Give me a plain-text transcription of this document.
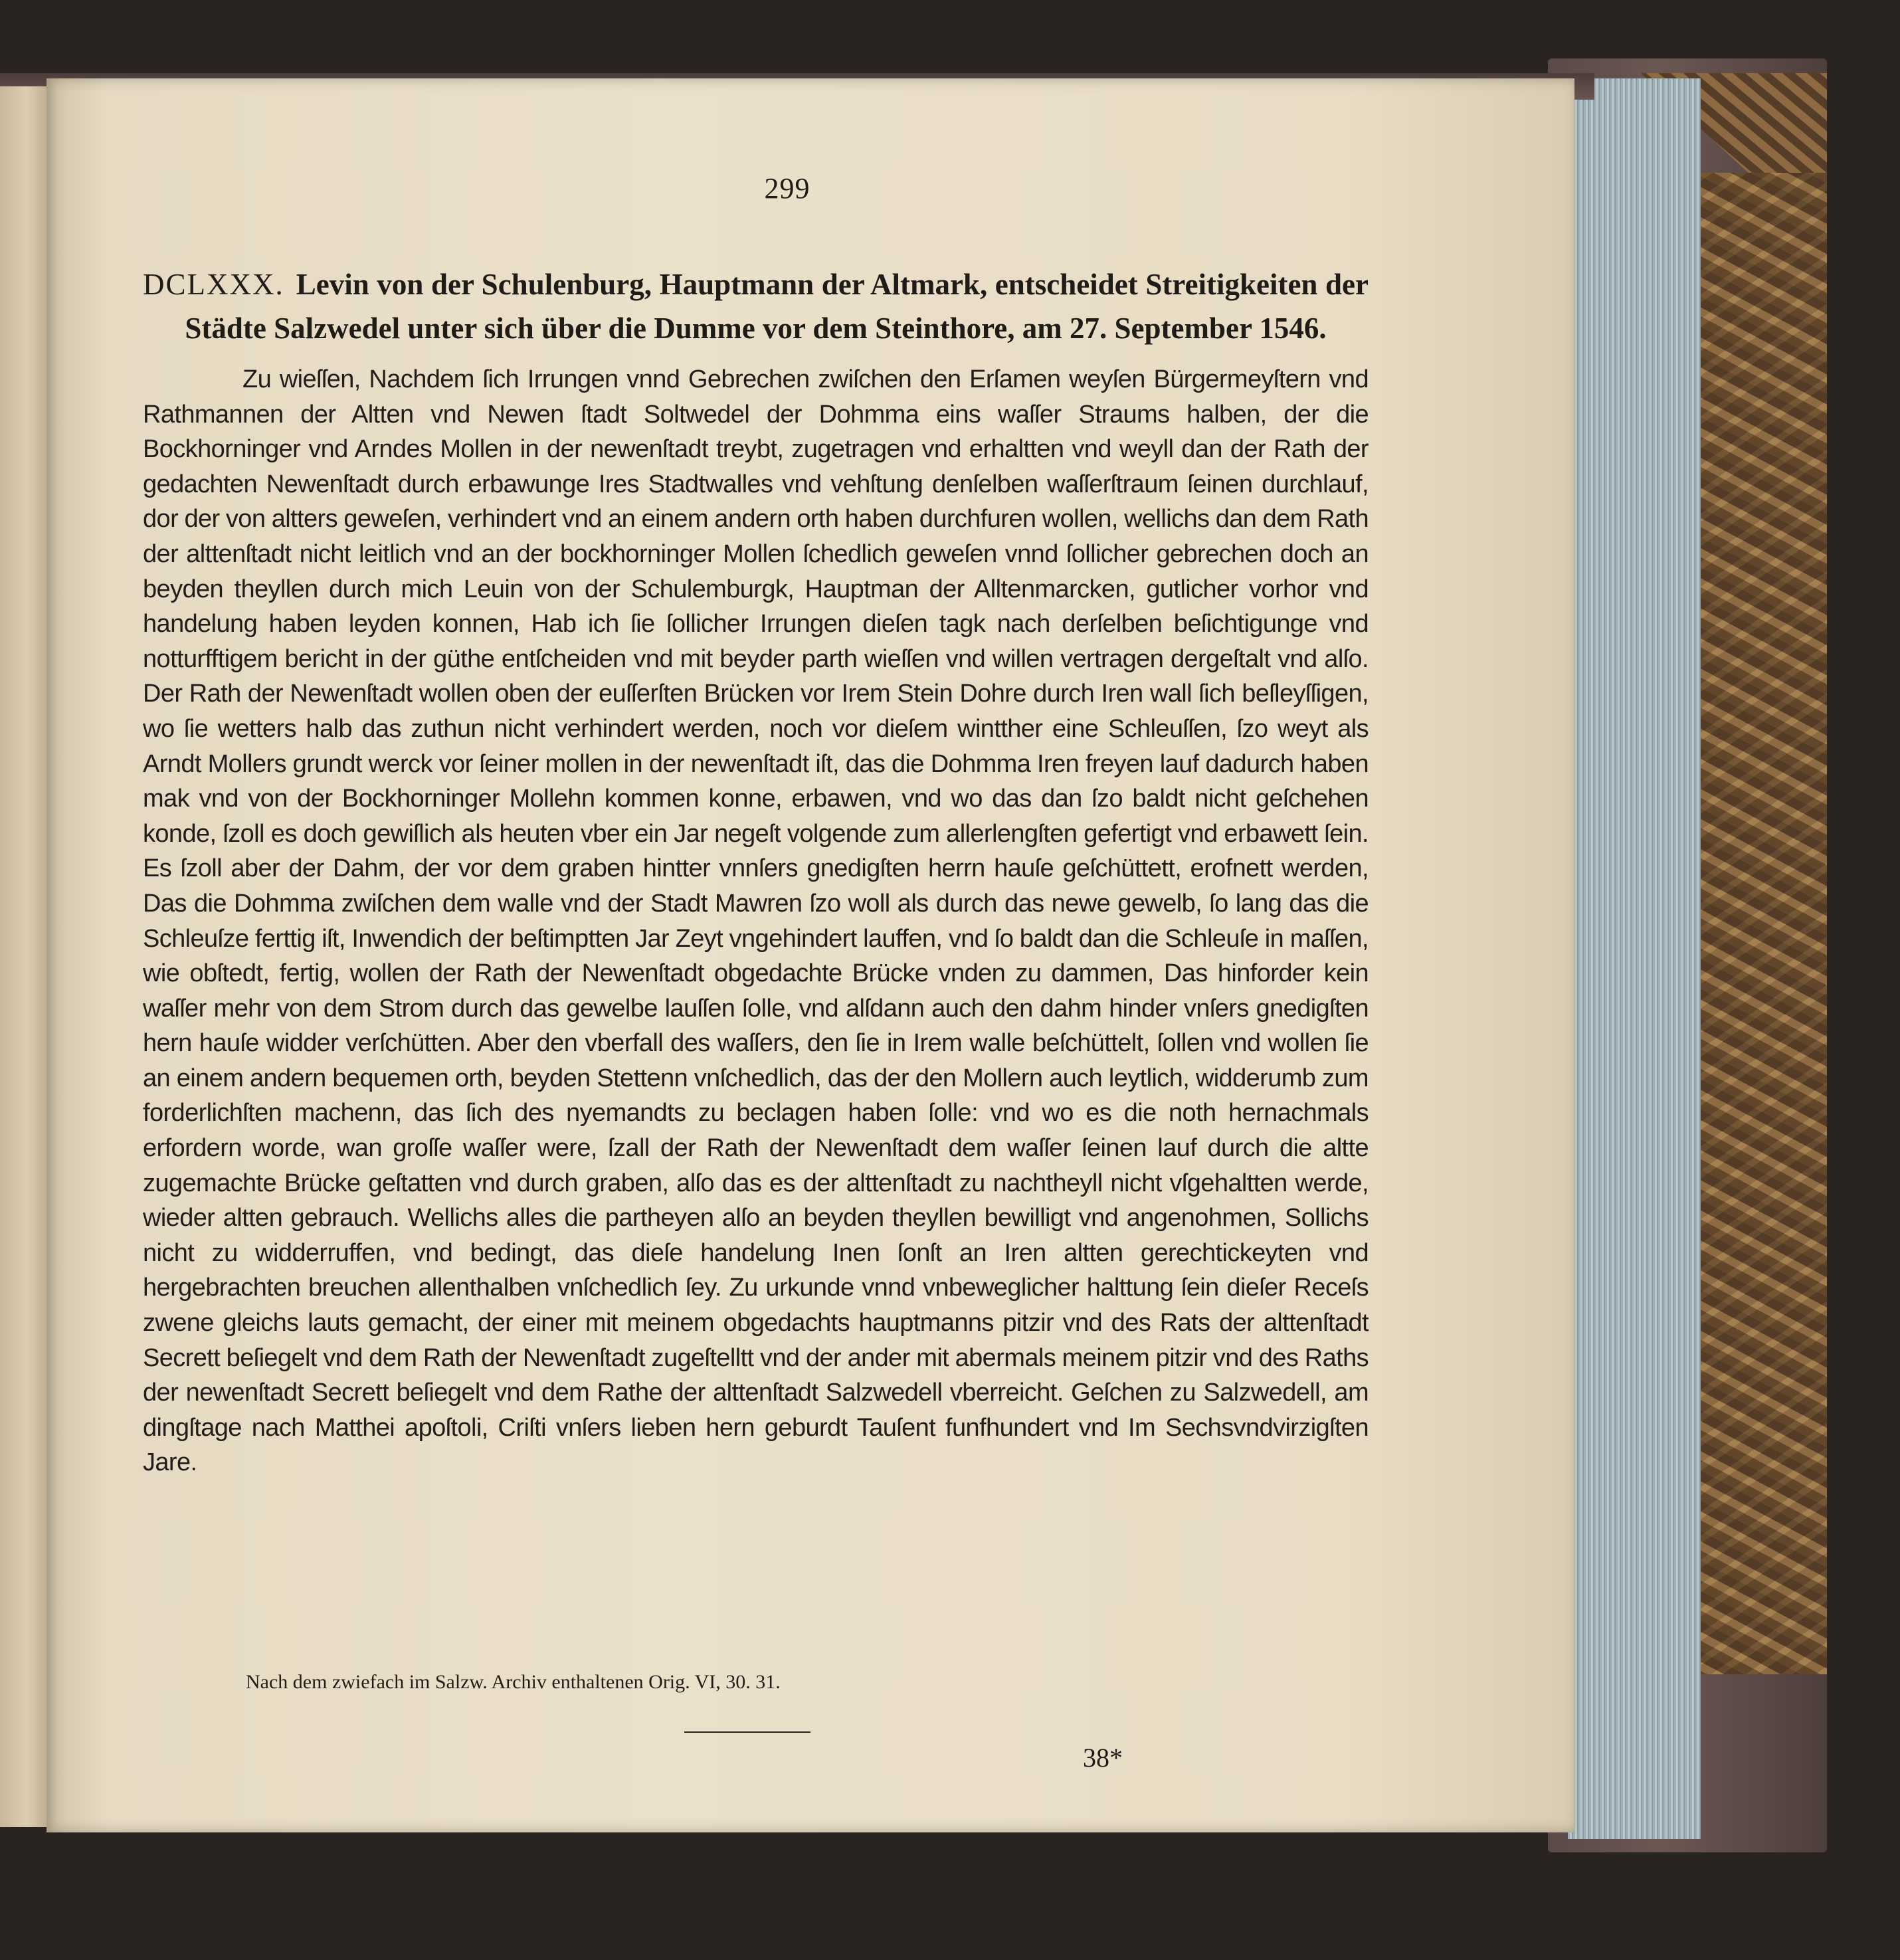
299
DCLXXX. Levin von der Schulenburg, Hauptmann der Altmark, entscheidet Streitigkeiten der Städte Salzwedel unter sich über die Dumme vor dem Steinthore, am 27. September 1546.
Zu wieſſen, Nachdem ſich Irrungen vnnd Gebrechen zwiſchen den Erſamen weyſen Bürgermeyſtern vnd Rathmannen der Altten vnd Newen ſtadt Soltwedel der Dohmma eins waſſer Straums halben, der die Bockhorninger vnd Arndes Mollen in der newenſtadt treybt, zugetragen vnd erhaltten vnd weyll dan der Rath der gedachten Newenſtadt durch erbawunge Ires Stadtwalles vnd vehſtung denſelben waſſerſtraum ſeinen durchlauf, dor der von altters geweſen, verhindert vnd an einem andern orth haben durchfuren wollen, wellichs dan dem Rath der alttenſtadt nicht leitlich vnd an der bockhorninger Mollen ſchedlich geweſen vnnd ſollicher gebrechen doch an beyden theyllen durch mich Leuin von der Schulemburgk, Hauptman der Alltenmarcken, gutlicher vorhor vnd handelung haben leyden konnen, Hab ich ſie ſollicher Irrungen dieſen tagk nach derſelben beſichtigunge vnd notturfftigem bericht in der güthe entſcheiden vnd mit beyder parth wieſſen vnd willen vertragen dergeſtalt vnd alſo. Der Rath der Newenſtadt wollen oben der euſſerſten Brücken vor Irem Stein Dohre durch Iren wall ſich beſleyſſigen, wo ſie wetters halb das zuthun nicht verhindert werden, noch vor dieſem wintther eine Schleuſſen, ſzo weyt als Arndt Mollers grundt werck vor ſeiner mollen in der newenſtadt iſt, das die Dohmma Iren freyen lauf dadurch haben mak vnd von der Bockhorninger Mollehn kommen konne, erbawen, vnd wo das dan ſzo baldt nicht geſchehen konde, ſzoll es doch gewiſlich als heuten vber ein Jar negeſt volgende zum allerlengſten gefertigt vnd erbawett ſein. Es ſzoll aber der Dahm, der vor dem graben hintter vnnſers gnedigſten herrn hauſe geſchüttett, erofnett werden, Das die Dohmma zwiſchen dem walle vnd der Stadt Mawren ſzo woll als durch das newe gewelb, ſo lang das die Schleuſze ferttig iſt, Inwendich der beſtimptten Jar Zeyt vngehindert lauffen, vnd ſo baldt dan die Schleuſe in maſſen, wie obſtedt, fertig, wollen der Rath der Newenſtadt obgedachte Brücke vnden zu dammen, Das hinforder kein waſſer mehr von dem Strom durch das gewelbe lauſſen ſolle, vnd alſdann auch den dahm hinder vnſers gnedigſten hern hauſe widder verſchütten. Aber den vberfall des waſſers, den ſie in Irem walle beſchüttelt, ſollen vnd wollen ſie an einem andern bequemen orth, beyden Stettenn vnſchedlich, das der den Mollern auch leytlich, widderumb zum forderlichſten machenn, das ſich des nyemandts zu beclagen haben ſolle: vnd wo es die noth hernachmals erfordern worde, wan groſſe waſſer were, ſzall der Rath der Newenſtadt dem waſſer ſeinen lauf durch die altte zugemachte Brücke geſtatten vnd durch graben, alſo das es der alttenſtadt zu nachtheyll nicht vſgehaltten werde, wieder altten gebrauch. Wellichs alles die partheyen alſo an beyden theyllen bewilligt vnd angenohmen, Sollichs nicht zu widderruffen, vnd bedingt, das dieſe handelung Inen ſonſt an Iren altten gerechtickeyten vnd hergebrachten breuchen allenthalben vnſchedlich ſey. Zu urkunde vnnd vnbeweglicher halttung ſein dieſer Receſs zwene gleichs lauts gemacht, der einer mit meinem obgedachts hauptmanns pitzir vnd des Rats der alttenſtadt Secrett beſiegelt vnd dem Rath der Newenſtadt zugeſtelltt vnd der ander mit abermals meinem pitzir vnd des Raths der newenſtadt Secrett beſiegelt vnd dem Rathe der alttenſtadt Salzwedell vberreicht. Geſchen zu Salzwedell, am dingſtage nach Matthei apoſtoli, Criſti vnſers lieben hern geburdt Tauſent funfhundert vnd Im Sechsvndvirzigſten Jare.
Nach dem zwiefach im Salzw. Archiv enthaltenen Orig. VI, 30. 31.
38*
